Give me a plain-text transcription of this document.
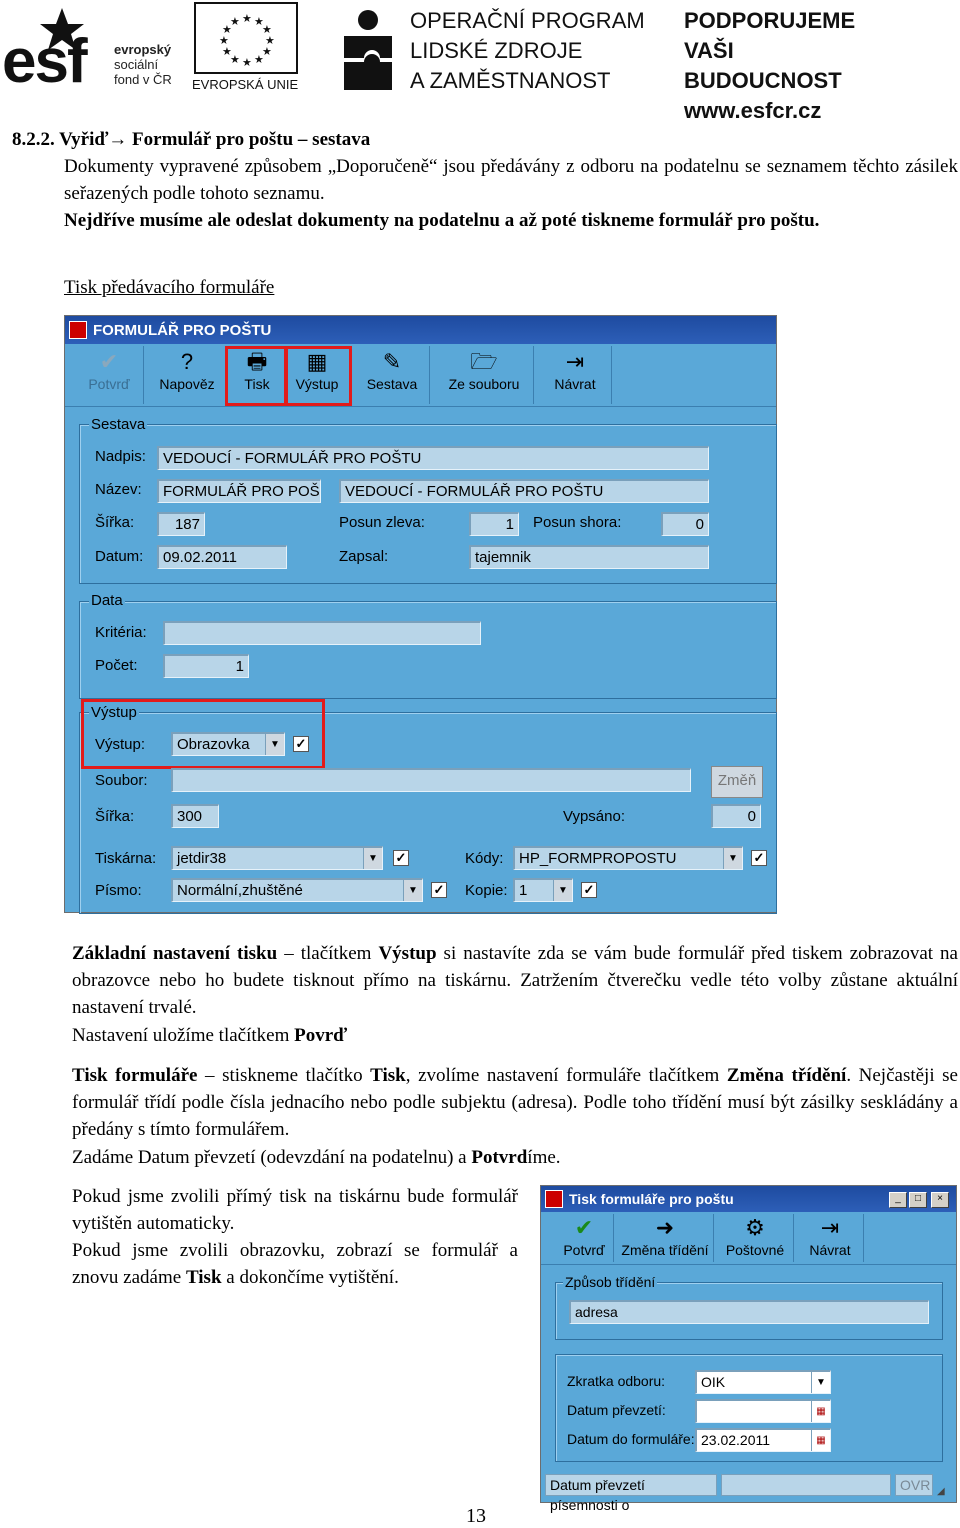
esf evropský
sociální
fond v ČR
★ ★
★
★
★
★
★
★
★
★
★
★
EVROPSKÁ UNIE
OPERAČNÍ PROGRAM
LIDSKÉ ZDROJE
A ZAMĚSTNANOST
PODPORUJEME
VAŠI BUDOUCNOST
www.esfcr.cz
8.2.2. Vyřiď→ Formulář pro poštu – sestava
Dokumenty vypravené způsobem „Doporučeně“ jsou předávány z odboru na podatelnu se seznamem těchto zásilek seřazených podle tohoto seznamu.
Nejdříve musíme ale odeslat dokumenty na podatelnu a až poté tiskneme formulář pro poštu.
Tisk předávacího formuláře
FORMULÁŘ PRO POŠTU
✔
Potvrď
?
Napověz
🖶
Tisk
▦
Výstup
✎
Sestava
🗁
Ze souboru
⇥
Návrat
Sestava
Nadpis:	VEDOUCÍ - FORMULÁŘ PRO POŠTU
Název:	FORMULÁŘ PRO POŠ	VEDOUCÍ - FORMULÁŘ PRO POŠTU
Šířka:	187	Posun zleva:	1	Posun shora:	0
Datum:	09.02.2011	Zapsal:	tajemnik
Data
Kritéria:
Počet:	1
Výstup
Výstup:	Obrazovka	▼	✓
Soubor:	Změň
Šířka:	300	Vypsáno:	0
Tiskárna:	jetdir38	▼	✓	Kódy:	HP_FORMPROPOSTU	▼	✓
Písmo:	Normální,zhuštěné	▼	✓ Kopie: 1	▼	✓
Základní nastavení tisku – tlačítkem Výstup si nastavíte zda se vám bude formulář před tiskem zobrazovat na obrazovce nebo ho budete tisknout přímo na tiskárnu. Zatržením čtverečku vedle této volby zůstane aktuální nastavení trvalé.
Nastavení uložíme tlačítkem Povrď
Tisk formuláře – stiskneme tlačítko Tisk, zvolíme nastavení formuláře tlačítkem Změna třídění. Nejčastěji se formulář třídí podle čísla jednacího nebo podle subjektu (adresa). Podle toho třídění musí být zásilky seskládány a předány s tímto formulářem.
Zadáme Datum převzetí (odevzdání na podatelnu) a Potvrdíme.
Pokud jsme zvolili přímý tisk na tiskárnu bude formulář vytištěn automaticky.
Pokud jsme zvolili obrazovku, zobrazí se formulář a znovu zadáme Tisk a dokončíme vytištění.
Tisk formuláře pro poštu	_	□	×
✔
Potvrď
➜
Změna třídění
⚙
Poštovné
⇥
Návrat
Způsob třídění
adresa
Zkratka odboru:	OIK	▼
Datum převzetí:	▦
Datum do formuláře: 23.02.2011	▦
Datum převzetí písemnosti o
OVR ◢
13
